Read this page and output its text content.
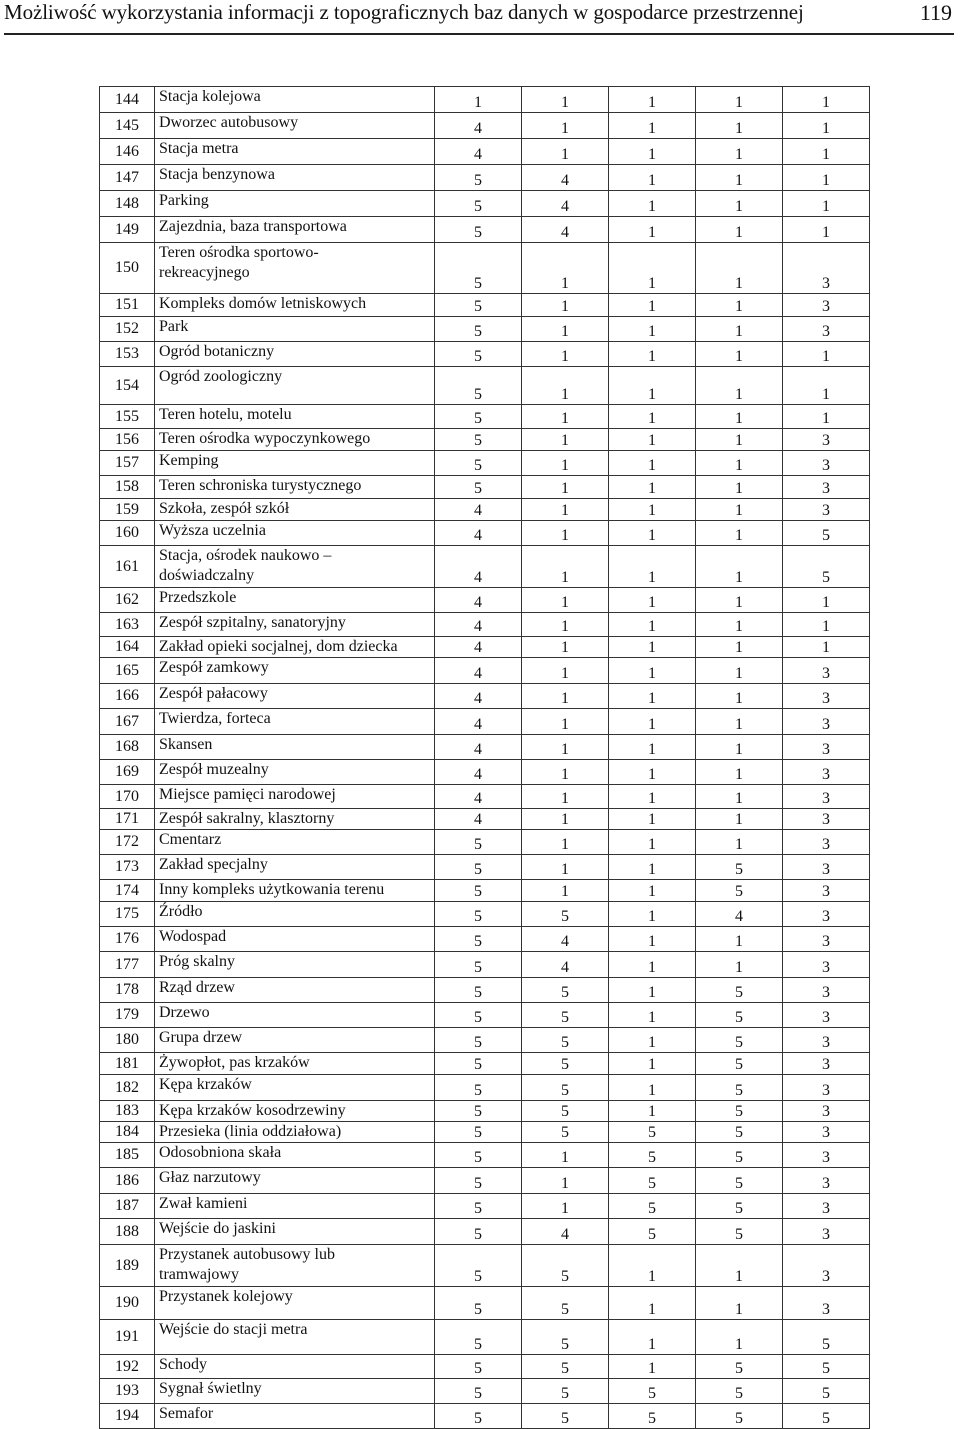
Możliwość wykorzystania informacji z topograficznych baz danych w gospodarce przestrzennej	119
144	Stacja kolejowa	1	1	1	1	1
145	Dworzec autobusowy	4	1	1	1	1
146	Stacja metra	4	1	1	1	1
147	Stacja benzynowa	5	4	1	1	1
148	Parking	5	4	1	1	1
149	Zajezdnia, baza transportowa	5	4	1	1	1
150	Teren ośrodka sportowo-
rekreacyjnego	5	1	1	1	3
151	Kompleks domów letniskowych	5	1	1	1	3
152	Park	5	1	1	1	3
153	Ogród botaniczny	5	1	1	1	1
154	Ogród zoologiczny	5	1	1	1	1
155	Teren hotelu, motelu	5	1	1	1	1
156	Teren ośrodka wypoczynkowego	5	1	1	1	3
157	Kemping	5	1	1	1	3
158	Teren schroniska turystycznego	5	1	1	1	3
159	Szkoła, zespół szkół	4	1	1	1	3
160	Wyższa uczelnia	4	1	1	1	5
161	Stacja, ośrodek naukowo –
doświadczalny	4	1	1	1	5
162	Przedszkole	4	1	1	1	1
163	Zespół szpitalny, sanatoryjny	4	1	1	1	1
164	Zakład opieki socjalnej, dom dziecka	4	1	1	1	1
165	Zespół zamkowy	4	1	1	1	3
166	Zespół pałacowy	4	1	1	1	3
167	Twierdza, forteca	4	1	1	1	3
168	Skansen	4	1	1	1	3
169	Zespół muzealny	4	1	1	1	3
170	Miejsce pamięci narodowej	4	1	1	1	3
171	Zespół sakralny, klasztorny	4	1	1	1	3
172	Cmentarz	5	1	1	1	3
173	Zakład specjalny	5	1	1	5	3
174	Inny kompleks użytkowania terenu	5	1	1	5	3
175	Źródło	5	5	1	4	3
176	Wodospad	5	4	1	1	3
177	Próg skalny	5	4	1	1	3
178	Rząd drzew	5	5	1	5	3
179	Drzewo	5	5	1	5	3
180	Grupa drzew	5	5	1	5	3
181	Żywopłot, pas krzaków	5	5	1	5	3
182	Kępa krzaków	5	5	1	5	3
183	Kępa krzaków kosodrzewiny	5	5	1	5	3
184	Przesieka (linia oddziałowa)	5	5	5	5	3
185	Odosobniona skała	5	1	5	5	3
186	Głaz narzutowy	5	1	5	5	3
187	Zwał kamieni	5	1	5	5	3
188	Wejście do jaskini	5	4	5	5	3
189	Przystanek autobusowy lub
tramwajowy	5	5	1	1	3
190	Przystanek kolejowy	5	5	1	1	3
191	Wejście do stacji metra	5	5	1	1	5
192	Schody	5	5	1	5	5
193	Sygnał świetlny	5	5	5	5	5
194	Semafor	5	5	5	5	5
